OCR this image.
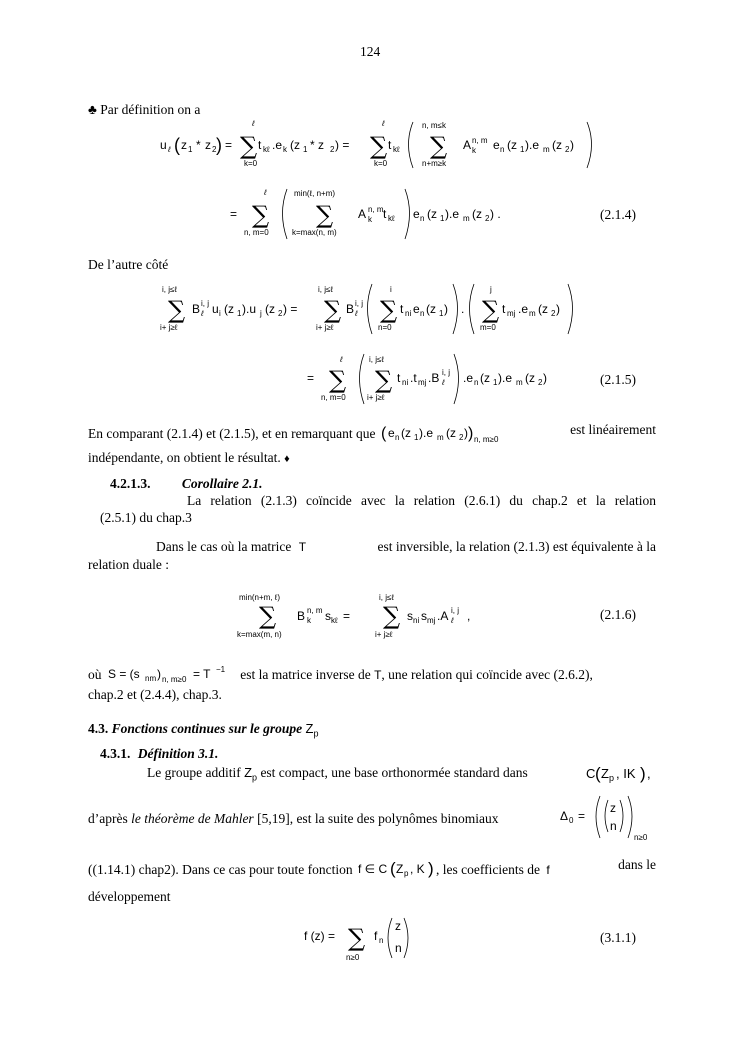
124
♣ Par définition on a
u ℓ ( z 1 * z 2 ) = ∑
ℓ
k=0
t kℓ .e k (z 1 * z 2 ) = ∑
ℓ
k=0
t kℓ
n, m≤k
∑
n+m≥k
A n, m
k e n (z 1 ).e m (z 2 )
= ∑
ℓ
n, m=0
min(ℓ, n+m)
∑
k=max(n, m)
A n, m
k t kℓ e n (z 1 ).e m (z 2 ) .	(2.1.4)
De l’autre côté
i, j≤ℓ
∑
i+ j≥ℓ
B i, j
ℓ u i (z 1 ).u j (z 2 ) =
i, j≤ℓ
∑
i+ j≥ℓ
B i, j
ℓ
i
∑
n=0
t ni e n (z 1 ) .
j
∑
m=0
t mj .e m (z 2 )
= ∑
ℓ
n, m=0
i, j≤ℓ
∑
i+ j≥ℓ
t ni .t mj .B i, j
ℓ .e n (z 1 ).e m (z 2 )	(2.1.5)
En comparant (2.1.4) et (2.1.5), et en remarquant que ( e n (z 1 ).e m (z 2 ) ) n, m≥0
est linéairement
indépendante, on obtient le résultat. ♦
4.2.1.3. Corollaire 2.1.
La relation (2.1.3) coïncide avec la relation (2.6.1) du chap.2 et la relation
(2.5.1) du chap.3
Dans le cas où la matrice T	est inversible, la relation (2.1.3) est équivalente à la
relation duale :
min(n+m, ℓ)
∑
k=max(m, n)
B n, m
k s kℓ =
i, j≤ℓ
∑
i+ j≥ℓ
s ni s mj .A i, j
ℓ ,	(2.1.6)
où S = (s nm ) n, m≥0 = T −1 est la matrice inverse de T, une relation qui coïncide avec (2.6.2),
chap.2 et (2.4.4), chap.3.
4.3. Fonctions continues sur le groupe $Z_p$
4.3.1. Définition 3.1.
Le groupe additif $Z_p$ est compact, une base orthonormée standard dans	C ( Z p , IK ) ,
d’après le théorème de Mahler [5,19], est la suite des polynômes binomiaux	Δ 0 =
z
n
n≥0
((1.14.1) chap2). Dans ce cas pour toute fonction f ∈ C ( Z p , K ) , les coefficients de f	dans le
développement
f (z) = ∑
n≥0
f n
z
n
(3.1.1)
